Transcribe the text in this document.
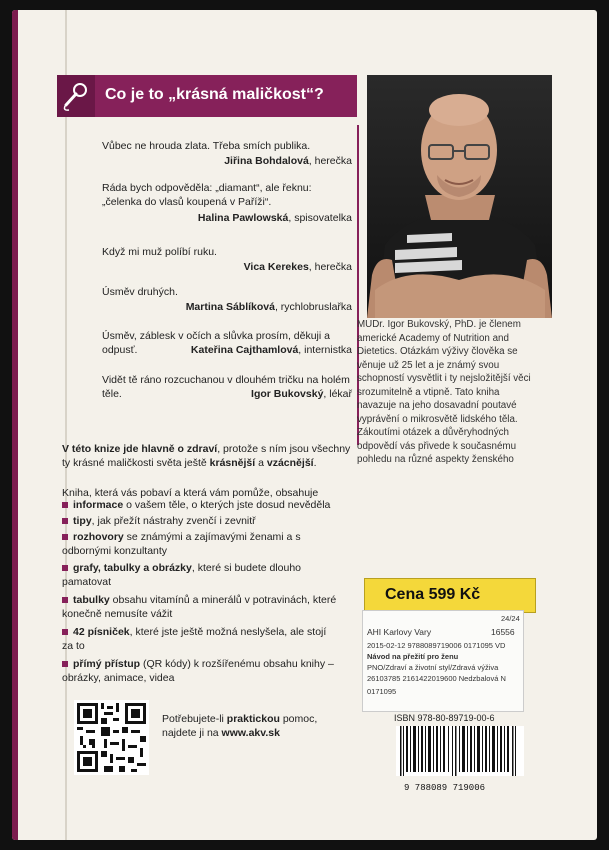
Co je to „krásná maličkost“?
Vůbec ne hrouda zlata. Třeba smích publika.
Jiřina Bohdalová, herečka
Ráda bych odpověděla: „diamant“, ale řeknu: „čelenka do vlasů koupená v Paříži“.
Halina Pawlowská, spisovatelka
Když mi muž políbí ruku.
Vica Kerekes, herečka
Úsměv druhých.
Martina Sáblíková, rychlobruslařka
Úsměv, záblesk v očích a slůvka prosím, děkuji a odpusť.	Kateřina Cajthamlová, internistka
Vidět tě ráno rozcuchanou v dlouhém tričku na holém těle.	Igor Bukovský, lékař
V této knize jde hlavně o zdraví, protože s ním jsou všechny ty krásné maličkosti světa ještě krásnější a vzácnější.
Kniha, která vás pobaví a která vám pomůže, obsahuje
informace o vašem těle, o kterých jste dosud nevěděla
tipy, jak přežít nástrahy zvenčí i zevnitř
rozhovory se známými a zajímavými ženami a s odbornými konzultanty
grafy, tabulky a obrázky, které si budete dlouho pamatovat
tabulky obsahu vitamínů a minerálů v potravinách, které konečně nemusíte vážit
42 písniček, které jste ještě možná neslyšela, ale stojí za to
přímý přístup (QR kódy) k rozšířenému obsahu knihy – obrázky, animace, videa
MUDr. Igor Bukovský, PhD. je členem americké Academy of Nutrition and Dietetics. Otázkám výživy člověka se věnuje už 25 let a je známý svou schopností vysvětlit i ty nejsložitější věci srozumitelně a vtipně. Tato kniha navazuje na jeho dosavadní poutavé vyprávění o mikrosvětě lidského těla. Zákoutími otázek a důvěryhodných odpovědí vás přivede k současnému pohledu na různé aspekty ženského
Potřebujete-li praktickou pomoc,
najdete ji na www.akv.sk
Cena 599 Kč
24/24
AHI Karlovy Vary	16556
2015-02-12 9788089719006 0171095 VD
Návod na přežití pro ženu
PNO/Zdraví a životní styl/Zdravá výživa
26103785 2161422019600 Nedzbalová N
0171095
ISBN 978-80-89719-00-6
9 788089 719006
